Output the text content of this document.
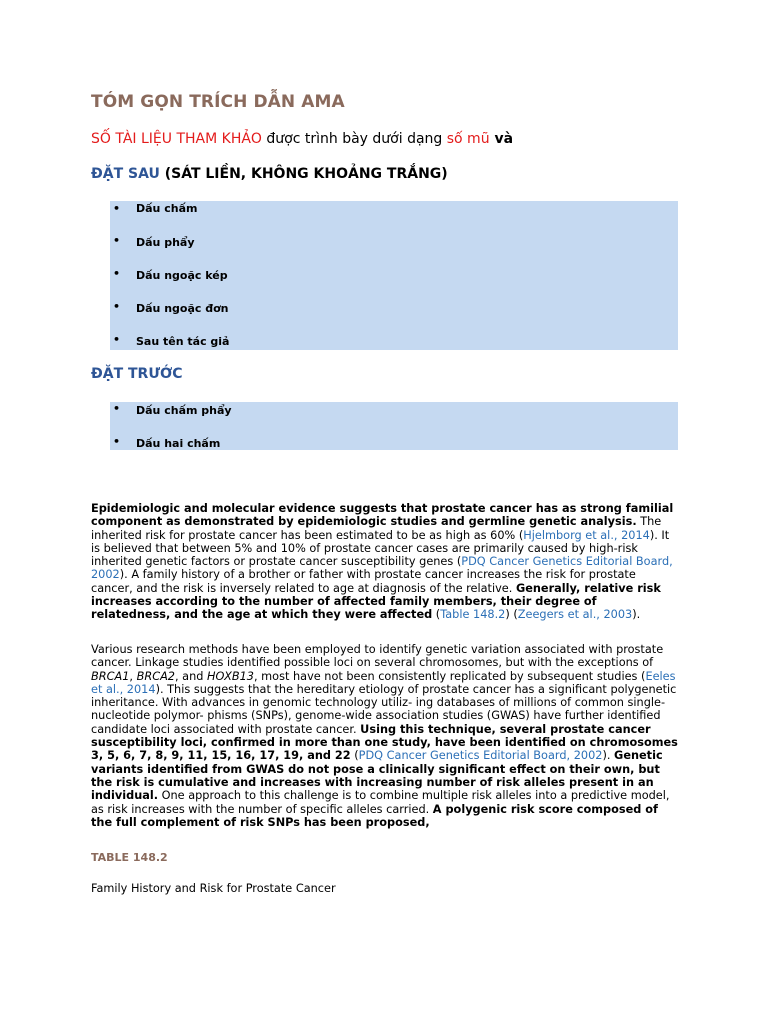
TÓM GỌN TRÍCH DẪN AMA

SỐ TÀI LIỆU THAM KHẢO được trình bày dưới dạng số mũ và

ĐẶT SAU (SÁT LIỀN, KHÔNG KHOẢNG TRẮNG)

• Dấu chấm
• Dấu phẩy
• Dấu ngoặc kép
• Dấu ngoặc đơn
• Sau tên tác giả
ĐẶT TRƯỚC
• Dấu chấm phẩy
• Dấu hai chấm

Epidemiologic and molecular evidence suggests that prostate cancer has as strong familial component as demonstrated by epidemiologic studies and germline genetic analysis. The inherited risk for prostate cancer has been estimated to be as high as 60% (Hjelmborg et al., 2014). It is believed that between 5% and 10% of prostate cancer cases are primarily caused by high-risk inherited genetic factors or prostate cancer susceptibility genes (PDQ Cancer Genetics Editorial Board, 2002). A family history of a brother or father with prostate cancer increases the risk for prostate cancer, and the risk is inversely related to age at diagnosis of the relative. Generally, relative risk increases according to the number of affected family members, their degree of relatedness, and the age at which they were affected (Table 148.2) (Zeegers et al., 2003).

Various research methods have been employed to identify genetic variation associated with prostate cancer. Linkage studies identified possible loci on several chromosomes, but with the exceptions of BRCA1, BRCA2, and HOXB13, most have not been consistently replicated by subsequent studies (Eeles et al., 2014). This suggests that the hereditary etiology of prostate cancer has a significant polygenetic inheritance. With advances in genomic technology utiliz- ing databases of millions of common single-nucleotide polymor- phisms (SNPs), genome-wide association studies (GWAS) have further identified candidate loci associated with prostate cancer. Using this technique, several prostate cancer susceptibility loci, confirmed in more than one study, have been identified on chromosomes 3, 5, 6, 7, 8, 9, 11, 15, 16, 17, 19, and 22 (PDQ Cancer Genetics Editorial Board, 2002). Genetic variants identified from GWAS do not pose a clinically significant effect on their own, but the risk is cumulative and increases with increasing number of risk alleles present in an individual. One approach to this challenge is to combine multiple risk alleles into a predictive model, as risk increases with the number of specific alleles carried. A polygenic risk score composed of the full complement of risk SNPs has been proposed,

TABLE 148.2

Family History and Risk for Prostate Cancer
